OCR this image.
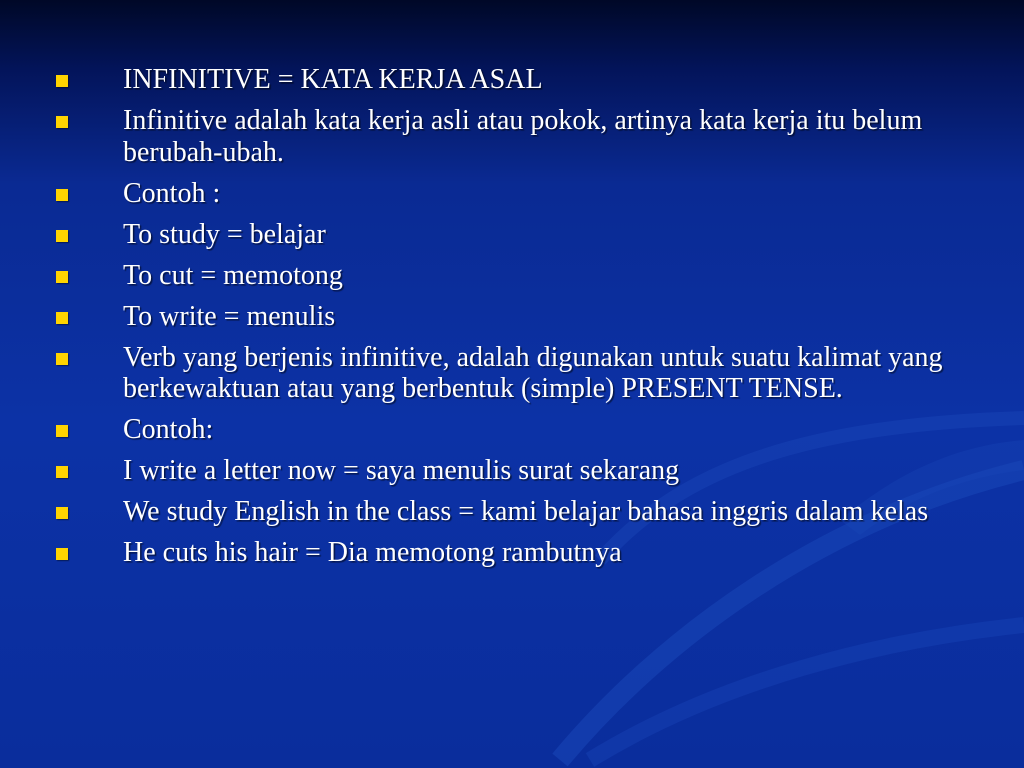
INFINITIVE = KATA KERJA ASAL
Infinitive adalah kata kerja asli atau pokok, artinya kata kerja itu belum berubah-ubah.
Contoh :
To study = belajar
To cut = memotong
To write = menulis
Verb yang berjenis infinitive, adalah digunakan untuk suatu kalimat yang berkewaktuan atau yang berbentuk (simple) PRESENT TENSE.
Contoh:
I write a letter now = saya menulis surat sekarang
We study English in the class = kami belajar bahasa inggris dalam kelas
He cuts his hair = Dia memotong rambutnya
